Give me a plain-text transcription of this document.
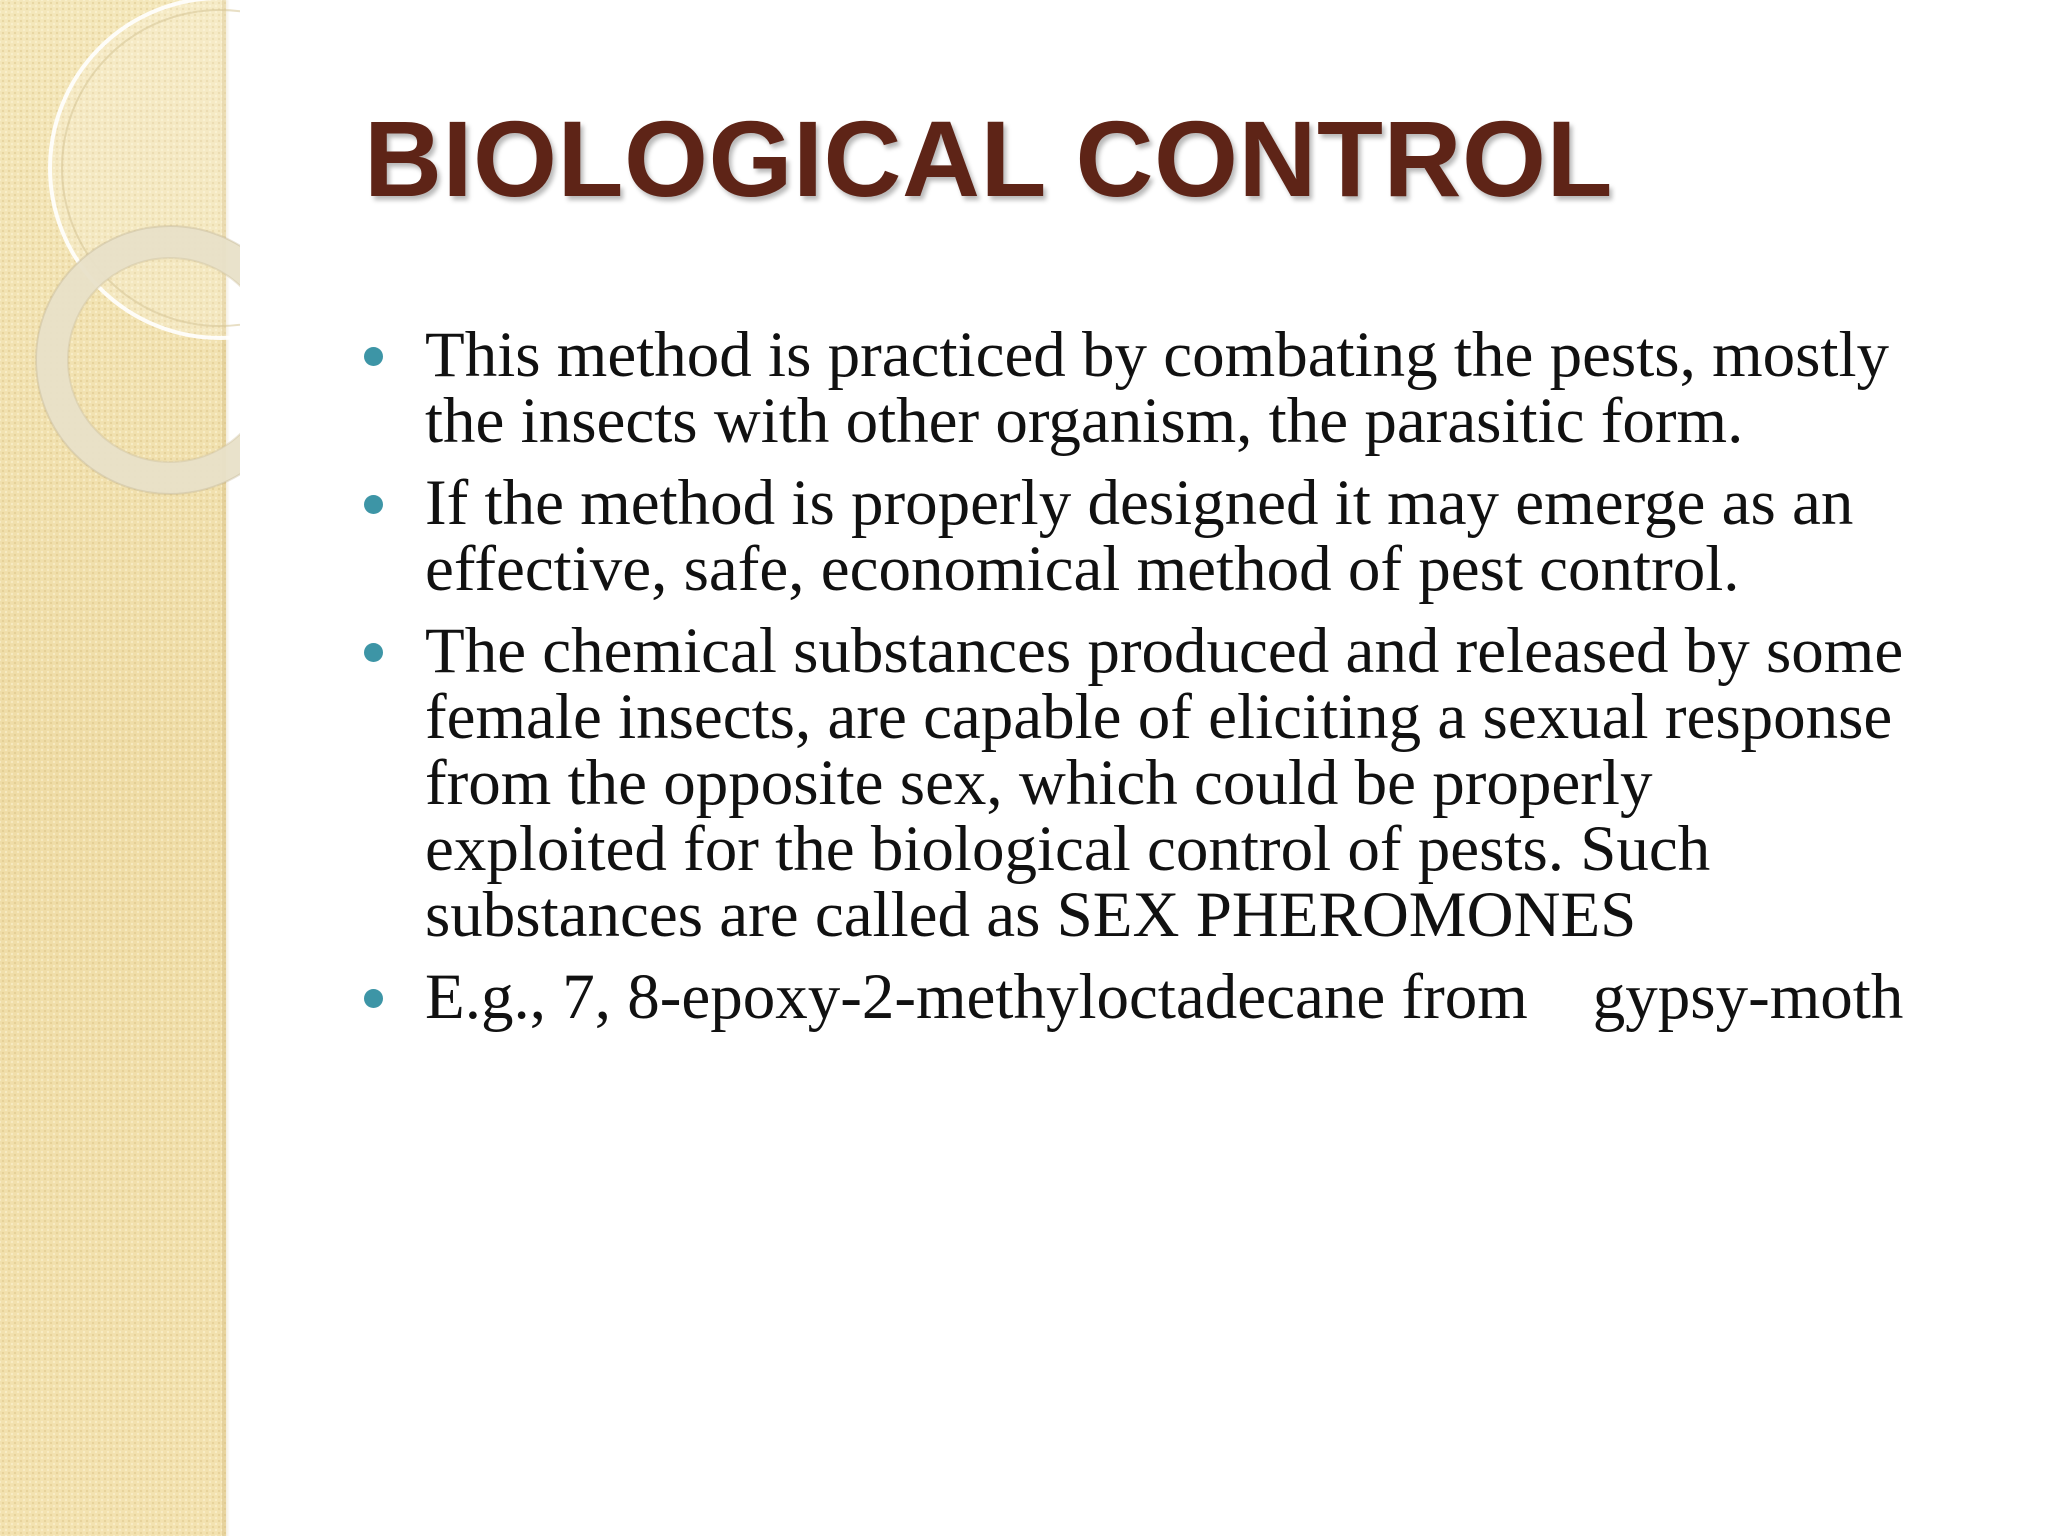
BIOLOGICAL CONTROL
This method is practiced by combating the pests, mostly
the insects with other organism, the parasitic form.
If the method is properly designed it may emerge as an
effective, safe, economical method of pest control.
The chemical substances produced and released by some
female insects, are capable of eliciting a sexual response
from the opposite sex, which could be properly
exploited for the biological control of pests. Such
substances are called as SEX PHEROMONES
E.g., 7, 8-epoxy-2-methyloctadecane from    gypsy-moth
